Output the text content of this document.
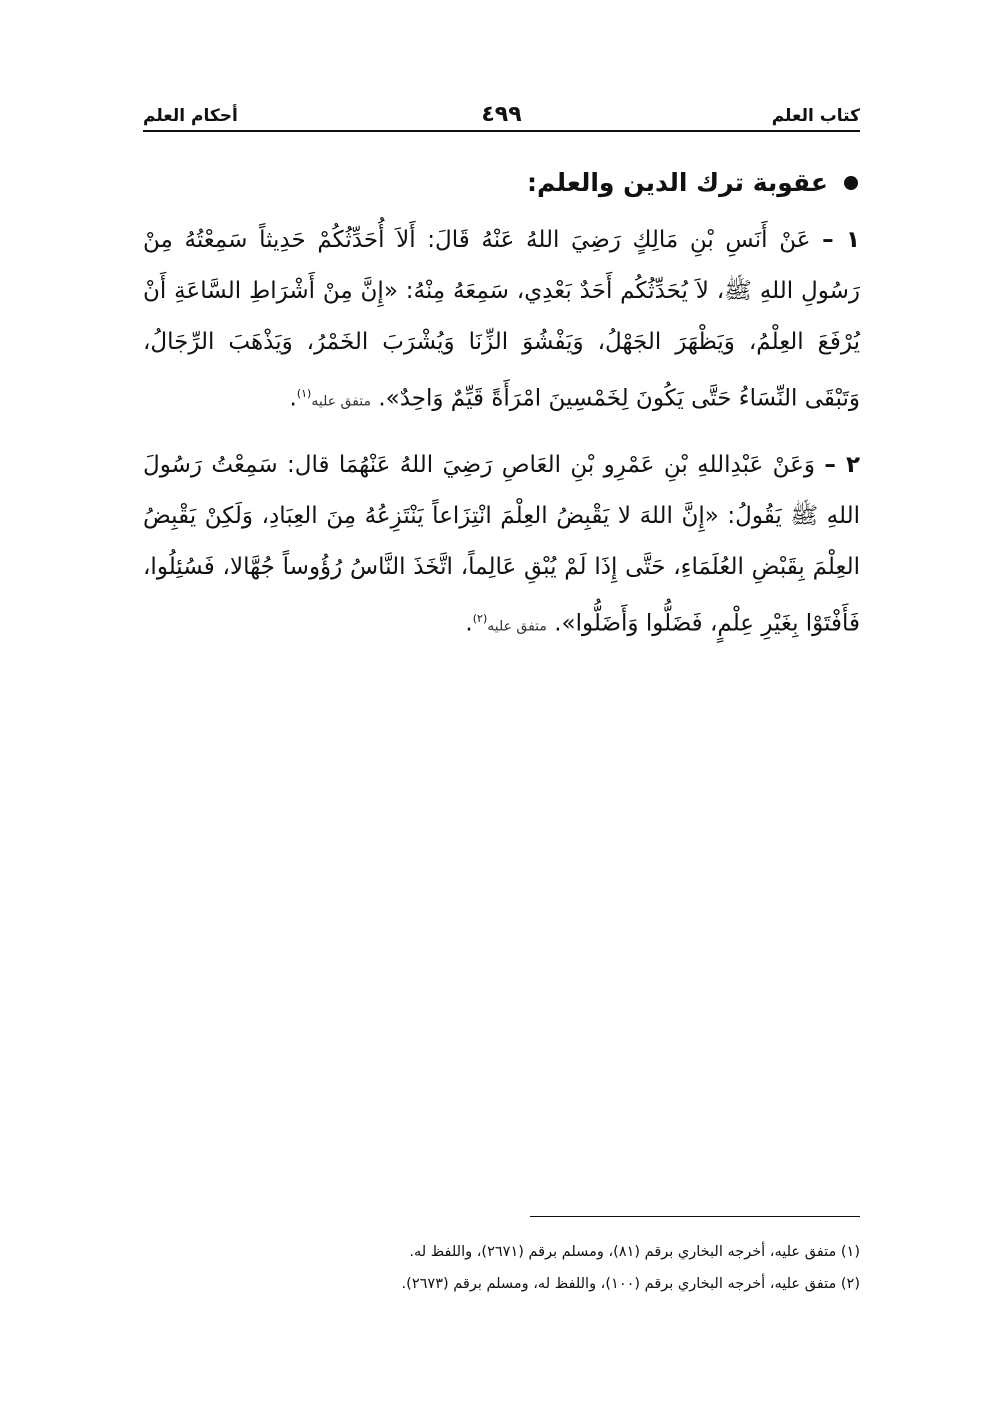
كتاب العلم
٤٩٩
أحكام العلم
عقوبة ترك الدين والعلم:
١ – عَنْ أَنَسِ بْنِ مَالِكٍ رَضِيَ اللهُ عَنْهُ قَالَ: أَلاَ أُحَدِّثُكُمْ حَدِيثاً سَمِعْتُهُ مِنْ رَسُولِ اللهِ ﷺ، لاَ يُحَدِّثُكُم أَحَدٌ بَعْدِي، سَمِعَهُ مِنْهُ: «إِنَّ مِنْ أَشْرَاطِ السَّاعَةِ أَنْ يُرْفَعَ العِلْمُ، وَيَظْهَرَ الجَهْلُ، وَيَفْشُوَ الزِّنَا وَيُشْرَبَ الخَمْرُ، وَيَذْهَبَ الرِّجَالُ، وَتَبْقَى النِّسَاءُ حَتَّى يَكُونَ لِخَمْسِينَ امْرَأَةً قَيِّمٌ وَاحِدٌ». متفق عليه$^{(١)}$.
٢ – وَعَنْ عَبْدِاللهِ بْنِ عَمْرِو بْنِ العَاصِ رَضِيَ اللهُ عَنْهُمَا قال: سَمِعْتُ رَسُولَ اللهِ ﷺ يَقُولُ: «إِنَّ اللهَ لا يَقْبِضُ العِلْمَ انْتِزَاعاً يَنْتَزِعُهُ مِنَ العِبَادِ، وَلَكِنْ يَقْبِضُ العِلْمَ بِقَبْضِ العُلَمَاءِ، حَتَّى إِذَا لَمْ يُبْقِ عَالِماً، اتَّخَذَ النَّاسُ رُؤُوساً جُهَّالا، فَسُئِلُوا، فَأَفْتَوْا بِغَيْرِ عِلْمٍ، فَضَلُّوا وَأَضَلُّوا». متفق عليه$^{(٢)}$.
(١) متفق عليه، أخرجه البخاري برقم (٨١)، ومسلم برقم (٢٦٧١)، واللفظ له.
(٢) متفق عليه، أخرجه البخاري برقم (١٠٠)، واللفظ له، ومسلم برقم (٢٦٧٣).
